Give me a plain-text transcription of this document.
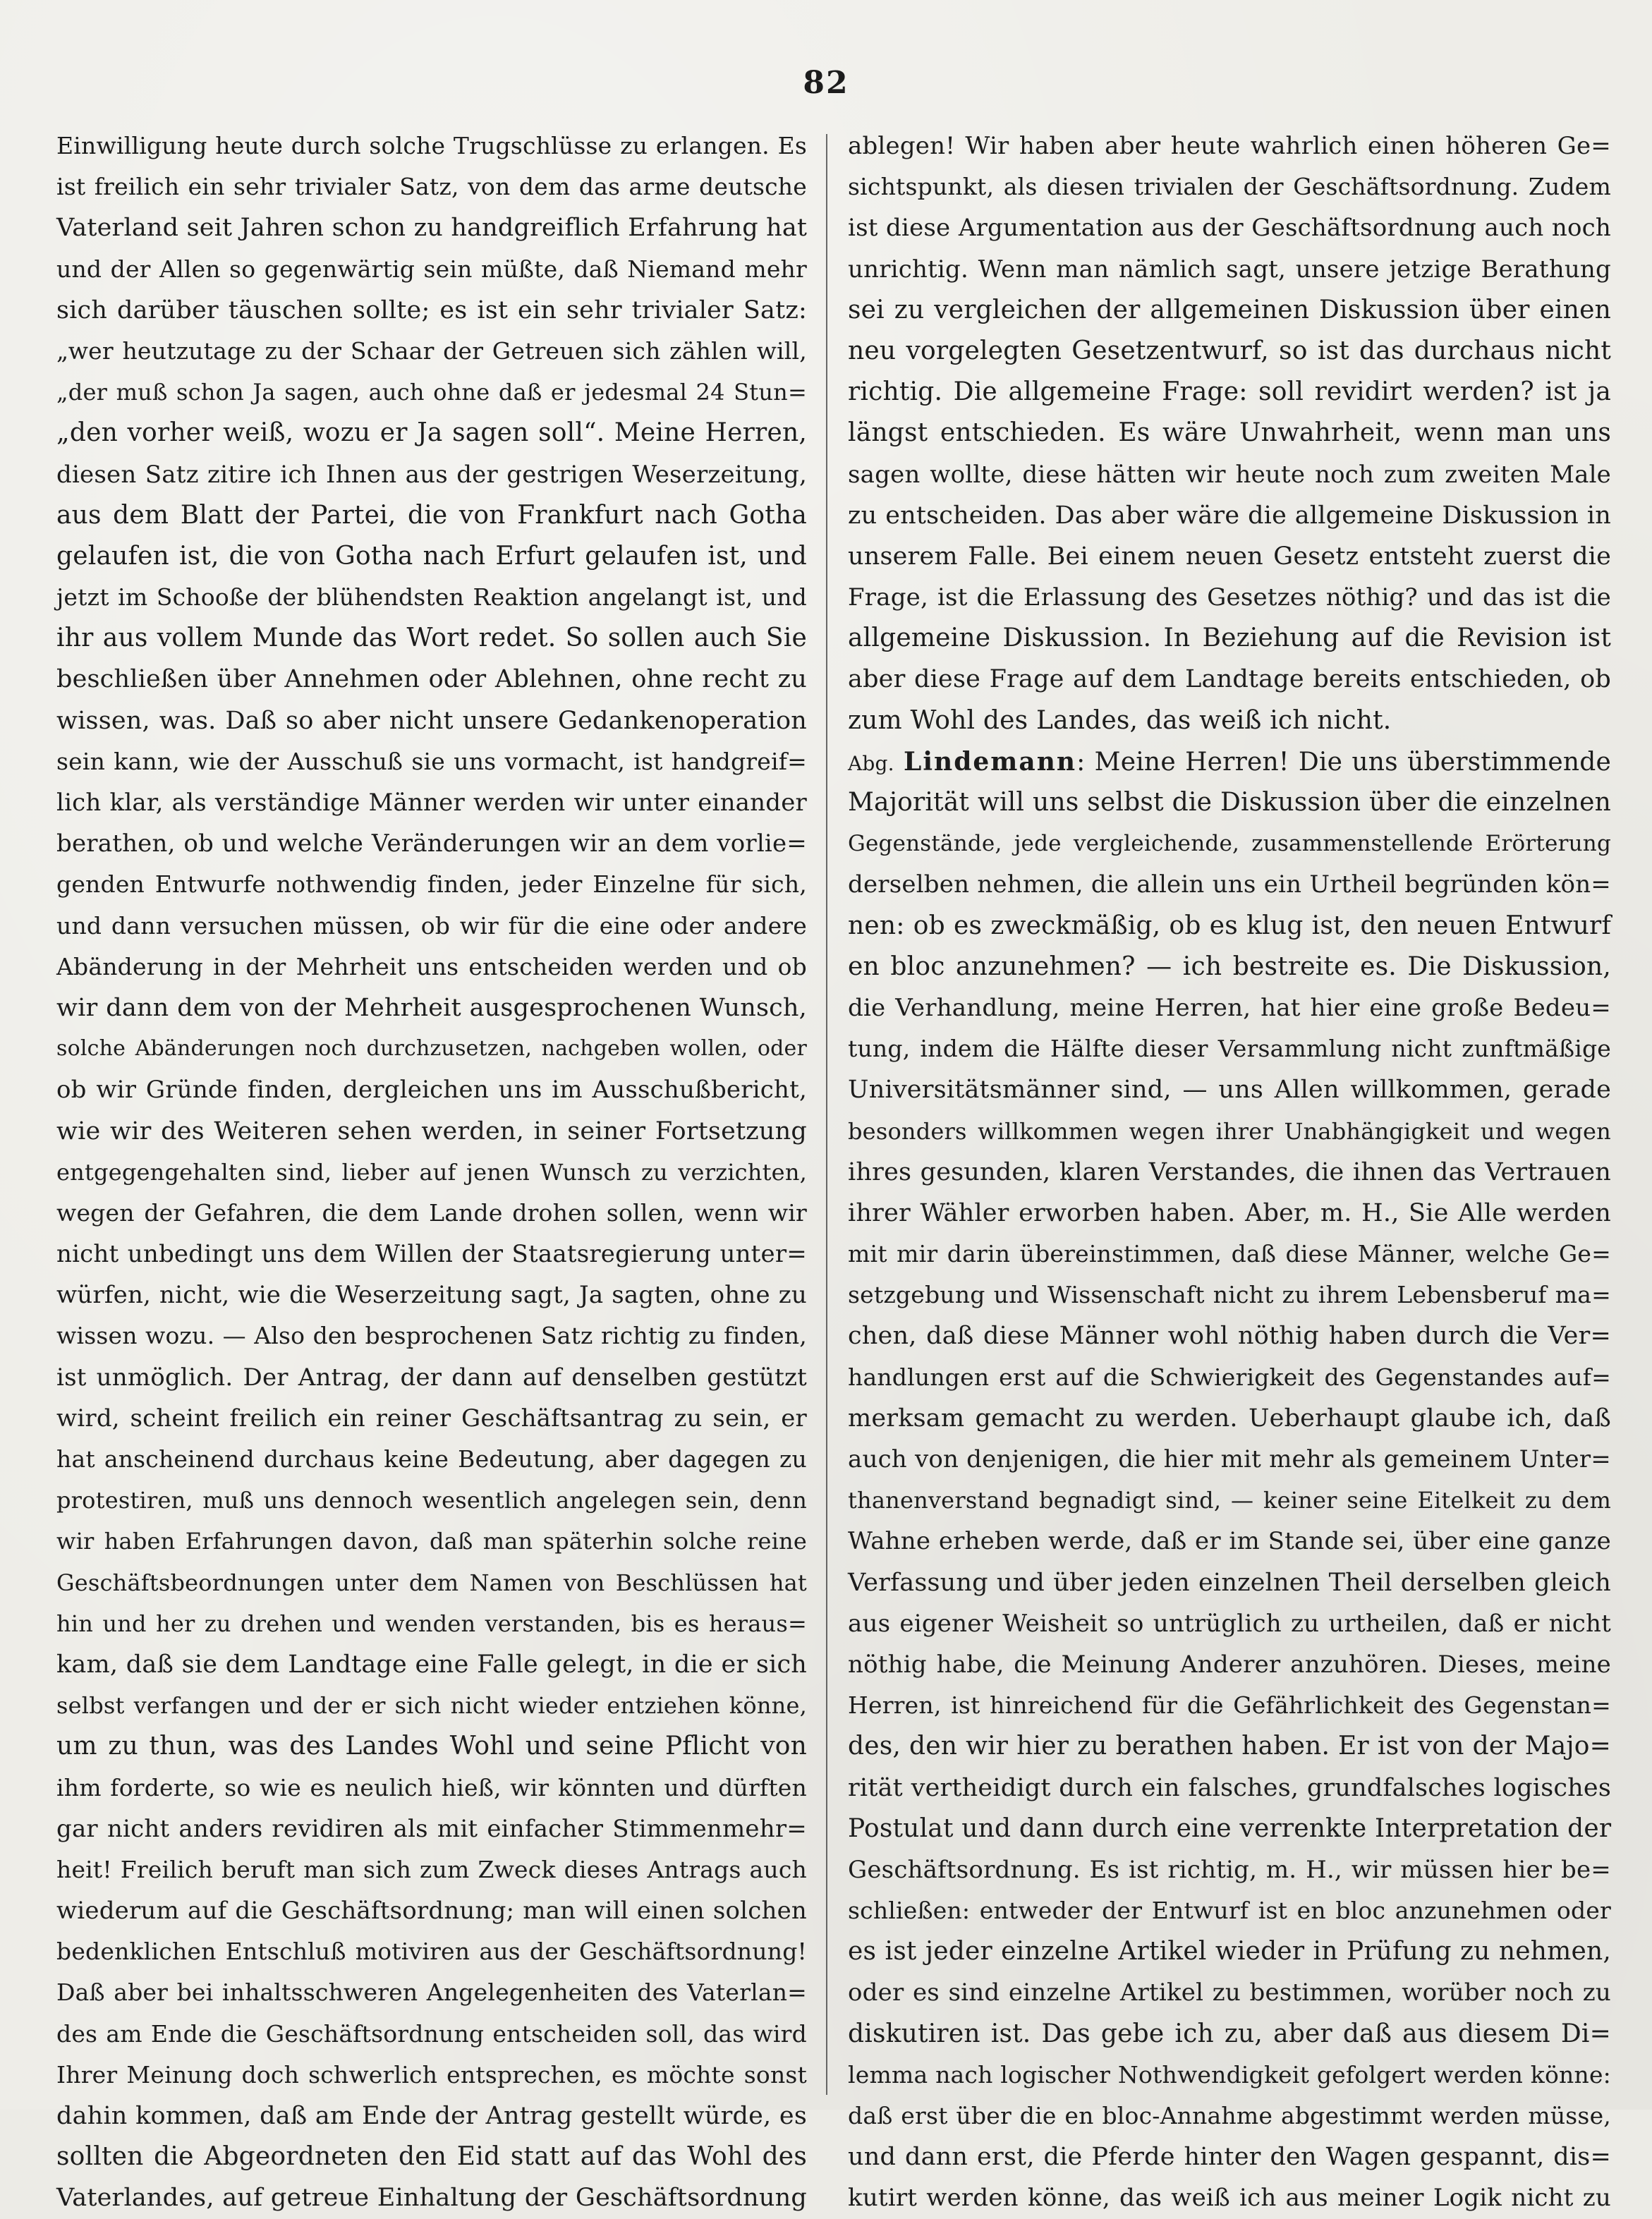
82
Einwilligung heute durch solche Trugschlüsse zu erlangen. Es
ist freilich ein sehr trivialer Satz, von dem das arme deutsche
Vaterland seit Jahren schon zu handgreiflich Erfahrung hat
und der Allen so gegenwärtig sein müßte, daß Niemand mehr
sich darüber täuschen sollte; es ist ein sehr trivialer Satz:
„wer heutzutage zu der Schaar der Getreuen sich zählen will,
„der muß schon Ja sagen, auch ohne daß er jedesmal 24 Stun=
„den vorher weiß, wozu er Ja sagen soll“. Meine Herren,
diesen Satz zitire ich Ihnen aus der gestrigen Weserzeitung,
aus dem Blatt der Partei, die von Frankfurt nach Gotha
gelaufen ist, die von Gotha nach Erfurt gelaufen ist, und
jetzt im Schooße der blühendsten Reaktion angelangt ist, und
ihr aus vollem Munde das Wort redet. So sollen auch Sie
beschließen über Annehmen oder Ablehnen, ohne recht zu
wissen, was. Daß so aber nicht unsere Gedankenoperation
sein kann, wie der Ausschuß sie uns vormacht, ist handgreif=
lich klar, als verständige Männer werden wir unter einander
berathen, ob und welche Veränderungen wir an dem vorlie=
genden Entwurfe nothwendig finden, jeder Einzelne für sich,
und dann versuchen müssen, ob wir für die eine oder andere
Abänderung in der Mehrheit uns entscheiden werden und ob
wir dann dem von der Mehrheit ausgesprochenen Wunsch,
solche Abänderungen noch durchzusetzen, nachgeben wollen, oder
ob wir Gründe finden, dergleichen uns im Ausschußbericht,
wie wir des Weiteren sehen werden, in seiner Fortsetzung
entgegengehalten sind, lieber auf jenen Wunsch zu verzichten,
wegen der Gefahren, die dem Lande drohen sollen, wenn wir
nicht unbedingt uns dem Willen der Staatsregierung unter=
würfen, nicht, wie die Weserzeitung sagt, Ja sagten, ohne zu
wissen wozu. — Also den besprochenen Satz richtig zu finden,
ist unmöglich. Der Antrag, der dann auf denselben gestützt
wird, scheint freilich ein reiner Geschäftsantrag zu sein, er
hat anscheinend durchaus keine Bedeutung, aber dagegen zu
protestiren, muß uns dennoch wesentlich angelegen sein, denn
wir haben Erfahrungen davon, daß man späterhin solche reine
Geschäftsbeordnungen unter dem Namen von Beschlüssen hat
hin und her zu drehen und wenden verstanden, bis es heraus=
kam, daß sie dem Landtage eine Falle gelegt, in die er sich
selbst verfangen und der er sich nicht wieder entziehen könne,
um zu thun, was des Landes Wohl und seine Pflicht von
ihm forderte, so wie es neulich hieß, wir könnten und dürften
gar nicht anders revidiren als mit einfacher Stimmenmehr=
heit! Freilich beruft man sich zum Zweck dieses Antrags auch
wiederum auf die Geschäftsordnung; man will einen solchen
bedenklichen Entschluß motiviren aus der Geschäftsordnung!
Daß aber bei inhaltsschweren Angelegenheiten des Vaterlan=
des am Ende die Geschäftsordnung entscheiden soll, das wird
Ihrer Meinung doch schwerlich entsprechen, es möchte sonst
dahin kommen, daß am Ende der Antrag gestellt würde, es
sollten die Abgeordneten den Eid statt auf das Wohl des
Vaterlandes, auf getreue Einhaltung der Geschäftsordnung
ablegen! Wir haben aber heute wahrlich einen höheren Ge=
sichtspunkt, als diesen trivialen der Geschäftsordnung. Zudem
ist diese Argumentation aus der Geschäftsordnung auch noch
unrichtig. Wenn man nämlich sagt, unsere jetzige Berathung
sei zu vergleichen der allgemeinen Diskussion über einen
neu vorgelegten Gesetzentwurf, so ist das durchaus nicht
richtig. Die allgemeine Frage: soll revidirt werden? ist ja
längst entschieden. Es wäre Unwahrheit, wenn man uns
sagen wollte, diese hätten wir heute noch zum zweiten Male
zu entscheiden. Das aber wäre die allgemeine Diskussion in
unserem Falle. Bei einem neuen Gesetz entsteht zuerst die
Frage, ist die Erlassung des Gesetzes nöthig? und das ist die
allgemeine Diskussion. In Beziehung auf die Revision ist
aber diese Frage auf dem Landtage bereits entschieden, ob
zum Wohl des Landes, das weiß ich nicht.
Abg. Lindemann: Meine Herren! Die uns überstimmende
Majorität will uns selbst die Diskussion über die einzelnen
Gegenstände, jede vergleichende, zusammenstellende Erörterung
derselben nehmen, die allein uns ein Urtheil begründen kön=
nen: ob es zweckmäßig, ob es klug ist, den neuen Entwurf
en bloc anzunehmen? — ich bestreite es. Die Diskussion,
die Verhandlung, meine Herren, hat hier eine große Bedeu=
tung, indem die Hälfte dieser Versammlung nicht zunftmäßige
Universitätsmänner sind, — uns Allen willkommen, gerade
besonders willkommen wegen ihrer Unabhängigkeit und wegen
ihres gesunden, klaren Verstandes, die ihnen das Vertrauen
ihrer Wähler erworben haben. Aber, m. H., Sie Alle werden
mit mir darin übereinstimmen, daß diese Männer, welche Ge=
setzgebung und Wissenschaft nicht zu ihrem Lebensberuf ma=
chen, daß diese Männer wohl nöthig haben durch die Ver=
handlungen erst auf die Schwierigkeit des Gegenstandes auf=
merksam gemacht zu werden. Ueberhaupt glaube ich, daß
auch von denjenigen, die hier mit mehr als gemeinem Unter=
thanenverstand begnadigt sind, — keiner seine Eitelkeit zu dem
Wahne erheben werde, daß er im Stande sei, über eine ganze
Verfassung und über jeden einzelnen Theil derselben gleich
aus eigener Weisheit so untrüglich zu urtheilen, daß er nicht
nöthig habe, die Meinung Anderer anzuhören. Dieses, meine
Herren, ist hinreichend für die Gefährlichkeit des Gegenstan=
des, den wir hier zu berathen haben. Er ist von der Majo=
rität vertheidigt durch ein falsches, grundfalsches logisches
Postulat und dann durch eine verrenkte Interpretation der
Geschäftsordnung. Es ist richtig, m. H., wir müssen hier be=
schließen: entweder der Entwurf ist en bloc anzunehmen oder
es ist jeder einzelne Artikel wieder in Prüfung zu nehmen,
oder es sind einzelne Artikel zu bestimmen, worüber noch zu
diskutiren ist. Das gebe ich zu, aber daß aus diesem Di=
lemma nach logischer Nothwendigkeit gefolgert werden könne:
daß erst über die en bloc-Annahme abgestimmt werden müsse,
und dann erst, die Pferde hinter den Wagen gespannt, dis=
kutirt werden könne, das weiß ich aus meiner Logik nicht zu
